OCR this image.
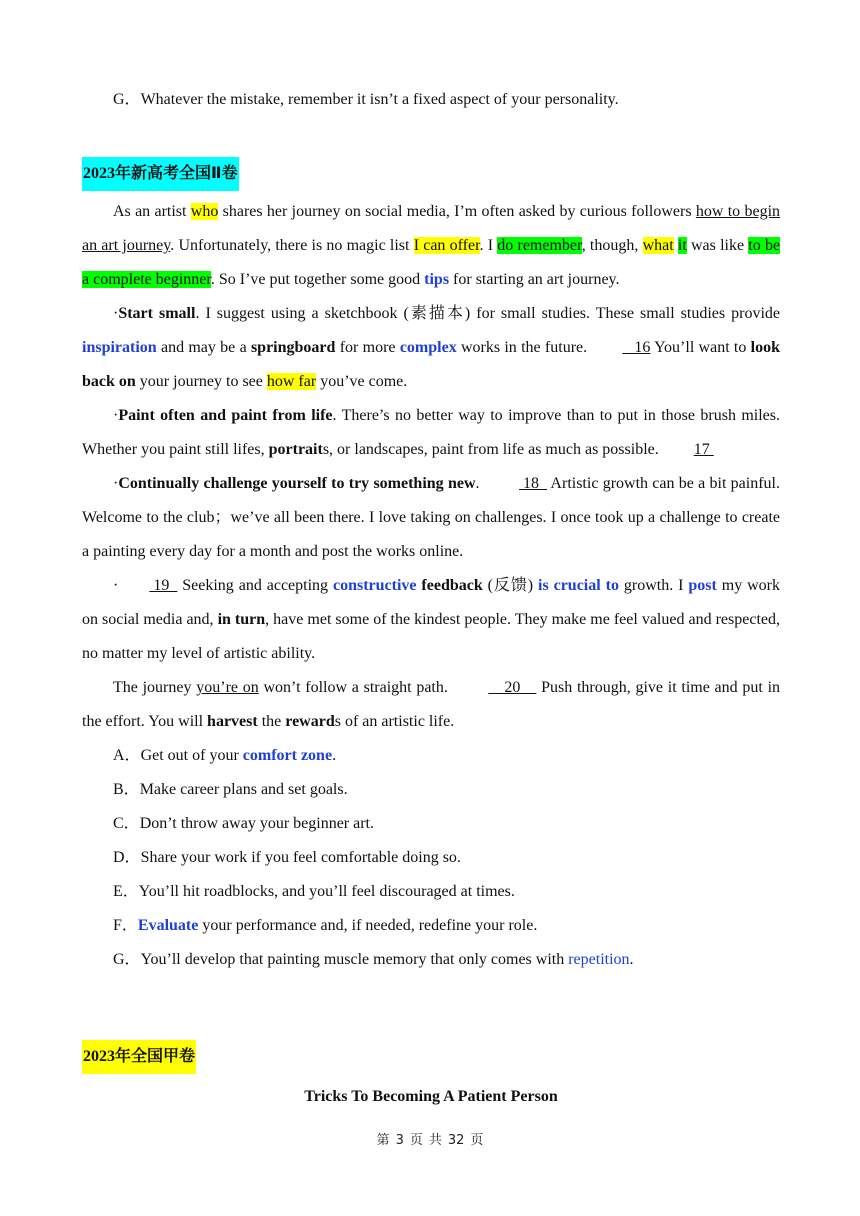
G．Whatever the mistake, remember it isn’t a fixed aspect of your personality.

2023年新高考全国Ⅱ卷

As an artist who shares her journey on social media, I’m often asked by curious followers how to begin an art journey. Unfortunately, there is no magic list I can offer. I do remember, though, what it was like to be a complete beginner. So I’ve put together some good tips for starting an art journey.

·Start small. I suggest using a sketchbook (素描本) for small studies. These small studies provide inspiration and may be a springboard for more complex works in the future.    16 You’ll want to look back on your journey to see how far you’ve come.

·Paint often and paint from life. There’s no better way to improve than to put in those brush miles. Whether you paint still lifes, portraits, or landscapes, paint from life as much as possible. 17

·Continually challenge yourself to try something new.   18   Artistic growth can be a bit painful. Welcome to the club；we’ve all been there. I love taking on challenges. I once took up a challenge to create a painting every day for a month and post the works online.

· 19   Seeking and accepting constructive feedback (反馈) is crucial to growth. I post my work on social media and, in turn, have met some of the kindest people. They make me feel valued and respected, no matter my level of artistic ability.

The journey you’re on won’t follow a straight path.      20     Push through, give it time and put in the effort. You will harvest the rewards of an artistic life.

A．Get out of your comfort zone.

B．Make career plans and set goals.

C．Don’t throw away your beginner art.

D．Share your work if you feel comfortable doing so.

E．You’ll hit roadblocks, and you’ll feel discouraged at times.

F．Evaluate your performance and, if needed, redefine your role.

G．You’ll develop that painting muscle memory that only comes with repetition.

2023年全国甲卷

Tricks To Becoming A Patient Person

第 3 页 共 32 页
